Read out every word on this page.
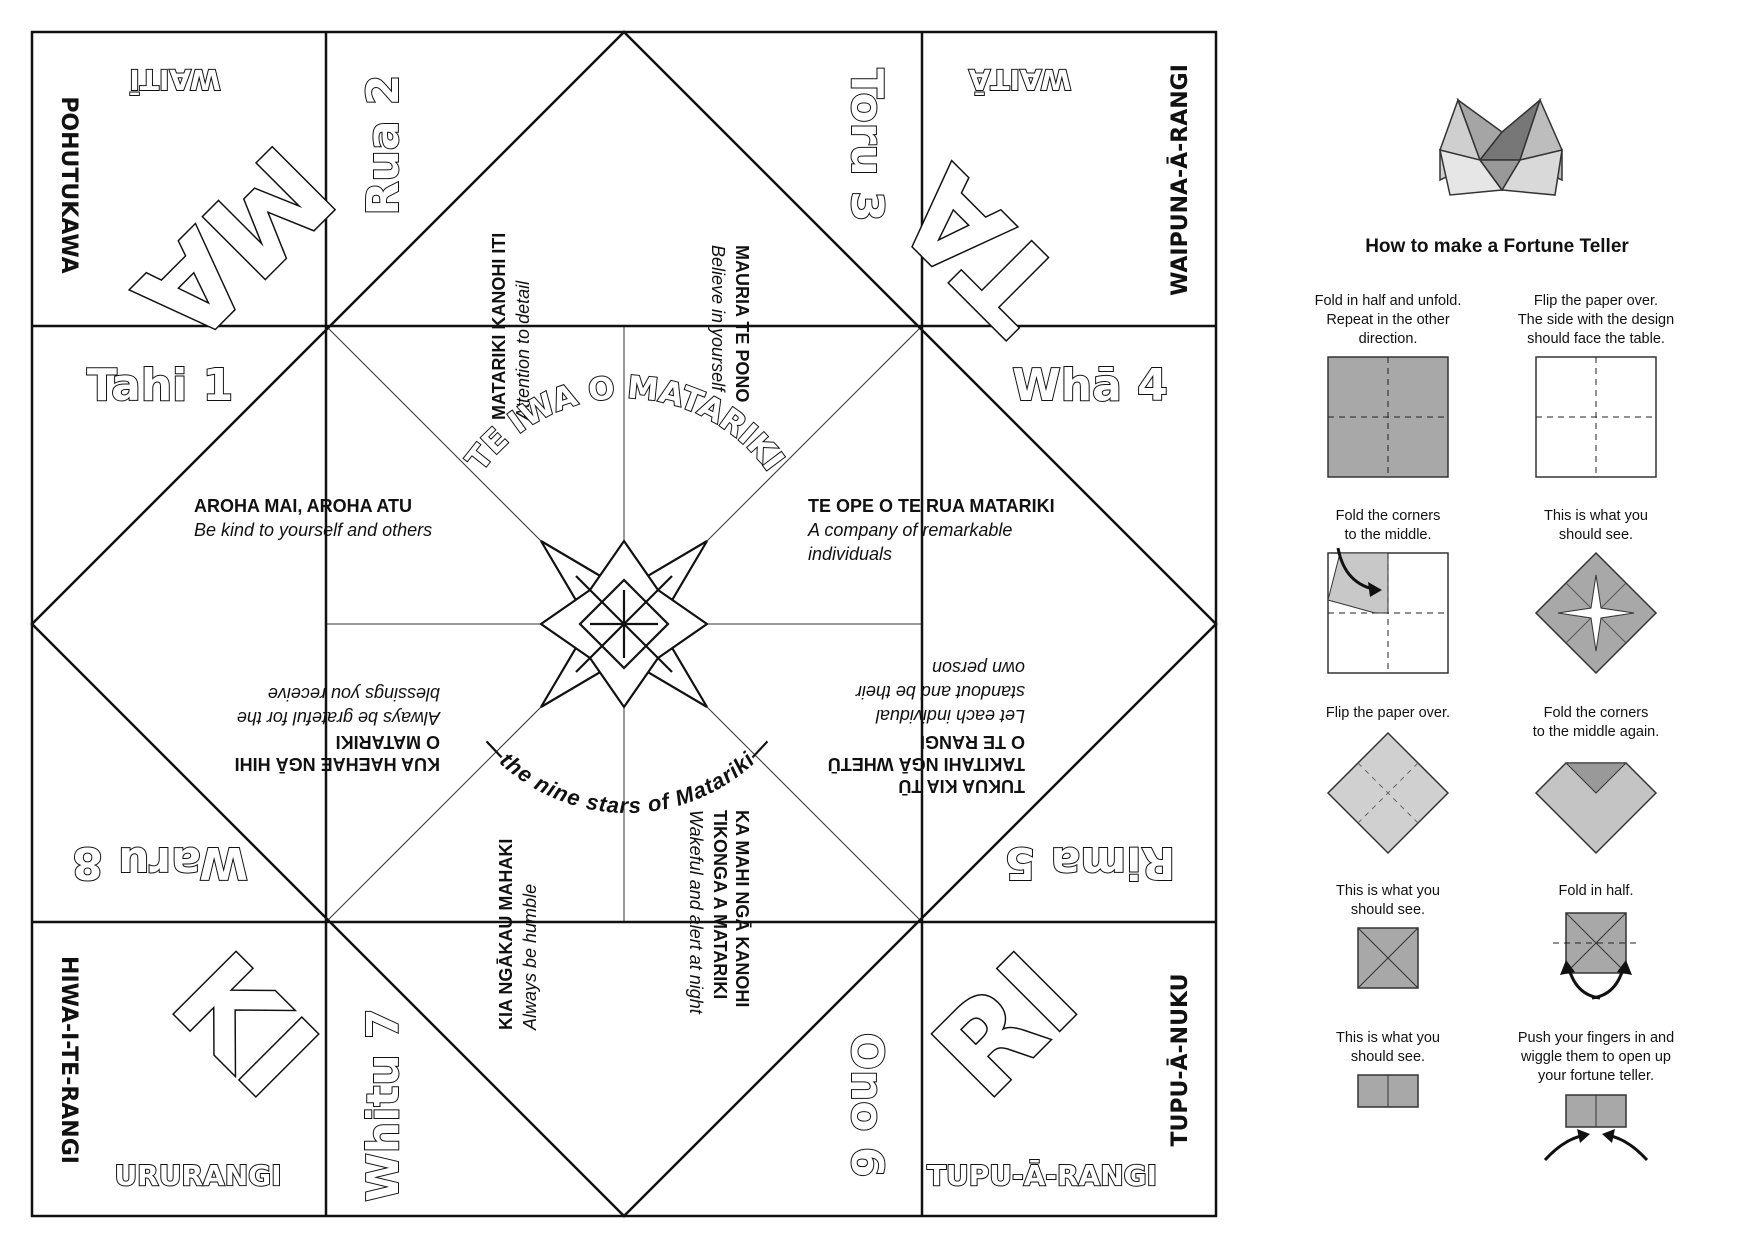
MA
WAITĪ
POHUTUKAWA	TA
WAITĀ	WAIPUNA-Ā-RANGI
KI
HIWA-I-TE-RANGI
URURANGI
RI	TUPU-Ā-NUKU
TUPU-Ā-RANGI
Tahi 1
Rua 2	Toru 3
Whā 4
Rima 5
Ono 6
Whitu 7
Waru 8
MATARIKI KANOHI ITI Attention to detail	MAURIA TE PONO
Believe in yourself
TE OPE O TE RUA MATARIKI
A company of remarkable
individuals
TUKUA KIA TŪ
TAKITAHI NGĀ WHETŪ
O TE RANGI
Let each individual
standout and be their
own person
KA MAHI NGĀ KANOHI
TIKONGA A MATARIKI
Wakeful and alert at night
KIA NGĀKAU MAHAKI Always be humble
KUA HAEHAE NGĀ HIHI
O MATARIKI
Always be grateful for the
blessings you receive
AROHA MAI, AROHA ATU
Be kind to yourself and others
TE IWA O MATARIKI
—the nine stars of Matariki—
How to make a Fortune Teller
Fold in half and unfold.
Repeat in the other
direction.
Flip the paper over.
The side with the design
should face the table.
Fold the corners
to the middle.
This is what you
should see.
Flip the paper over.	Fold the corners
to the middle again.
This is what you
should see.
Fold in half.
This is what you
should see.
Push your fingers in and
wiggle them to open up
your fortune teller.
